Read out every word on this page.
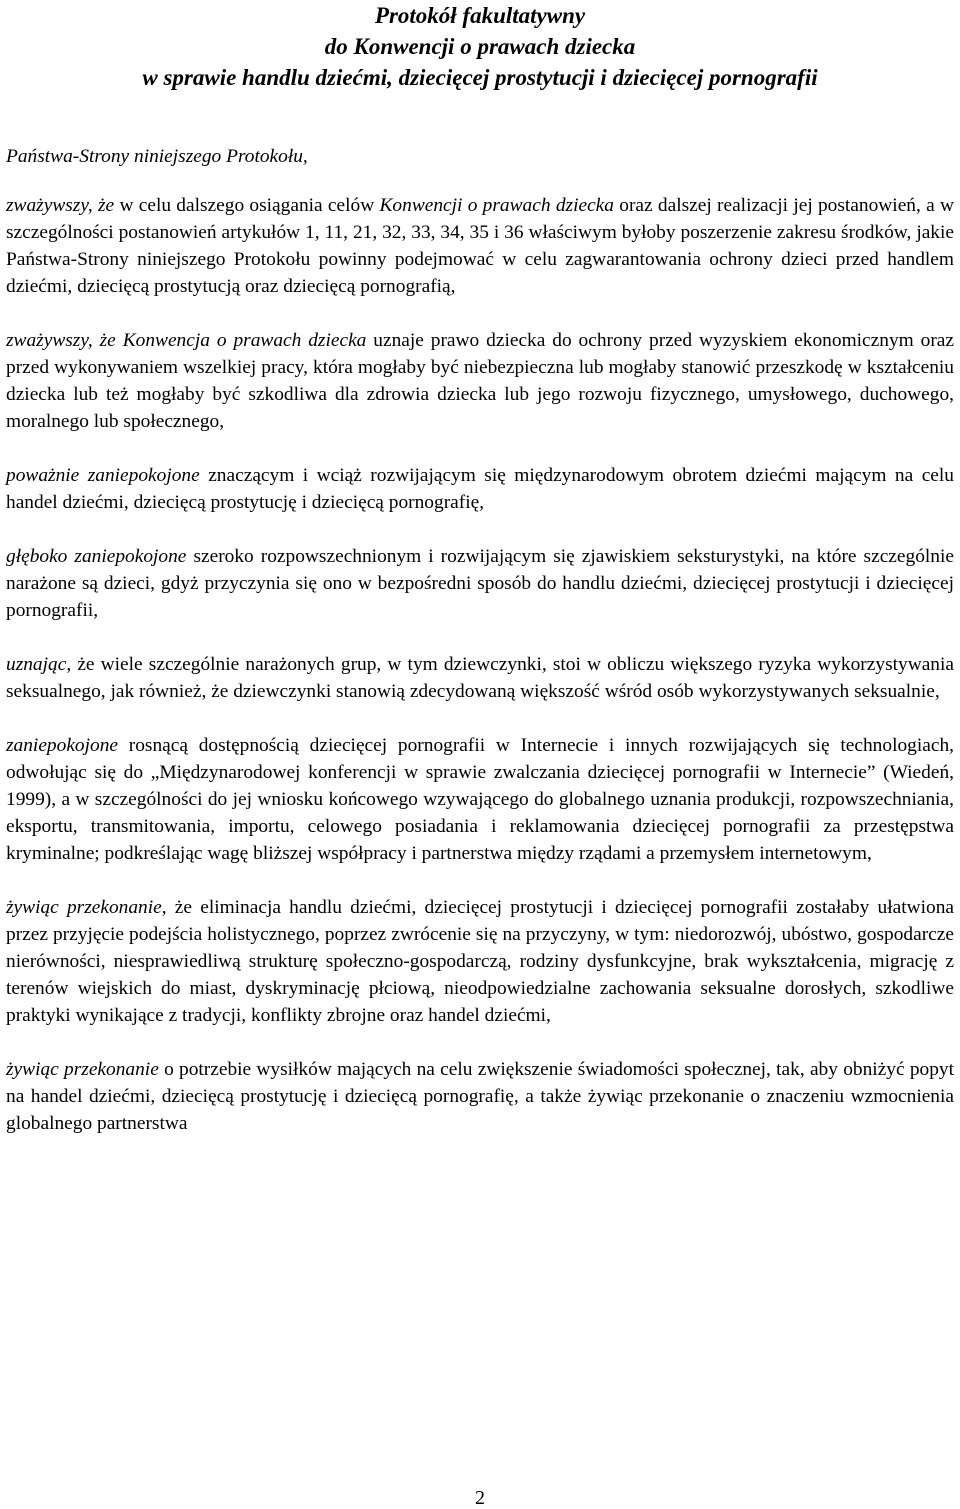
Protokół fakultatywny
do Konwencji o prawach dziecka
w sprawie handlu dziećmi, dziecięcej prostytucji i dziecięcej pornografii

Państwa-Strony niniejszego Protokołu,

zważywszy, że w celu dalszego osiągania celów Konwencji o prawach dziecka oraz dalszej realizacji jej postanowień, a w szczególności postanowień artykułów 1, 11, 21, 32, 33, 34, 35 i 36 właściwym byłoby poszerzenie zakresu środków, jakie Państwa-Strony niniejszego Protokołu powinny podejmować w celu zagwarantowania ochrony dzieci przed handlem dziećmi, dziecięcą prostytucją oraz dziecięcą pornografią,

zważywszy, że Konwencja o prawach dziecka uznaje prawo dziecka do ochrony przed wyzyskiem ekonomicznym oraz przed wykonywaniem wszelkiej pracy, która mogłaby być niebezpieczna lub mogłaby stanowić przeszkodę w kształceniu dziecka lub też mogłaby być szkodliwa dla zdrowia dziecka lub jego rozwoju fizycznego, umysłowego, duchowego, moralnego lub społecznego,

poważnie zaniepokojone znaczącym i wciąż rozwijającym się międzynarodowym obrotem dziećmi mającym na celu handel dziećmi, dziecięcą prostytucję i dziecięcą pornografię,

głęboko zaniepokojone szeroko rozpowszechnionym i rozwijającym się zjawiskiem seksturystyki, na które szczególnie narażone są dzieci, gdyż przyczynia się ono w bezpośredni sposób do handlu dziećmi, dziecięcej prostytucji i dziecięcej pornografii,

uznając, że wiele szczególnie narażonych grup, w tym dziewczynki, stoi w obliczu większego ryzyka wykorzystywania seksualnego, jak również, że dziewczynki stanowią zdecydowaną większość wśród osób wykorzystywanych seksualnie,

zaniepokojone rosnącą dostępnością dziecięcej pornografii w Internecie i innych rozwijających się technologiach, odwołując się do „Międzynarodowej konferencji w sprawie zwalczania dziecięcej pornografii w Internecie” (Wiedeń, 1999), a w szczególności do jej wniosku końcowego wzywającego do globalnego uznania produkcji, rozpowszechniania, eksportu, transmitowania, importu, celowego posiadania i reklamowania dziecięcej pornografii za przestępstwa kryminalne; podkreślając wagę bliższej współpracy i partnerstwa między rządami a przemysłem internetowym,

żywiąc przekonanie, że eliminacja handlu dziećmi, dziecięcej prostytucji i dziecięcej pornografii zostałaby ułatwiona przez przyjęcie podejścia holistycznego, poprzez zwrócenie się na przyczyny, w tym: niedorozwój, ubóstwo, gospodarcze nierówności, niesprawiedliwą strukturę społeczno-gospodarczą, rodziny dysfunkcyjne, brak wykształcenia, migrację z terenów wiejskich do miast, dyskryminację płciową, nieodpowiedzialne zachowania seksualne dorosłych, szkodliwe praktyki wynikające z tradycji, konflikty zbrojne oraz handel dziećmi,

żywiąc przekonanie o potrzebie wysiłków mających na celu zwiększenie świadomości społecznej, tak, aby obniżyć popyt na handel dziećmi, dziecięcą prostytucję i dziecięcą pornografię, a także żywiąc przekonanie o znaczeniu wzmocnienia globalnego partnerstwa

2
